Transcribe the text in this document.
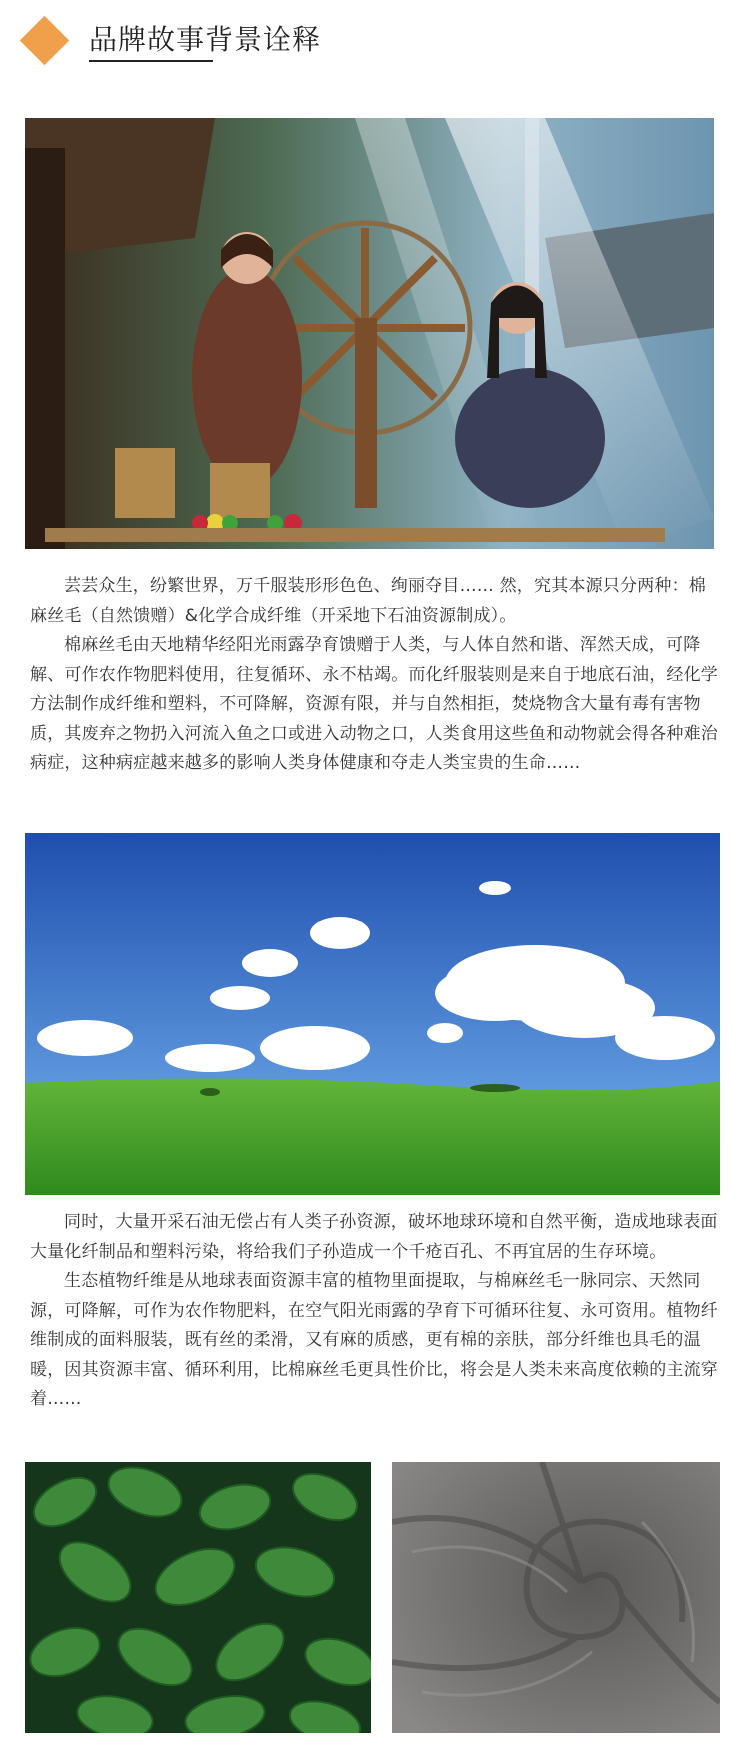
品牌故事背景诠释

芸芸众生，纷繁世界，万千服装形形色色、绚丽夺目…… 然，究其本源只分两种：棉麻丝毛（自然馈赠）&化学合成纤维（开采地下石油资源制成）。

棉麻丝毛由天地精华经阳光雨露孕育馈赠于人类，与人体自然和谐、浑然天成，可降解、可作农作物肥料使用，往复循环、永不枯竭。而化纤服装则是来自于地底石油，经化学方法制作成纤维和塑料，不可降解，资源有限，并与自然相拒，焚烧物含大量有毒有害物质，其废弃之物扔入河流入鱼之口或进入动物之口，人类食用这些鱼和动物就会得各种难治病症，这种病症越来越多的影响人类身体健康和夺走人类宝贵的生命……

同时，大量开采石油无偿占有人类子孙资源，破坏地球环境和自然平衡，造成地球表面大量化纤制品和塑料污染，将给我们子孙造成一个千疮百孔、不再宜居的生存环境。

生态植物纤维是从地球表面资源丰富的植物里面提取，与棉麻丝毛一脉同宗、天然同源，可降解，可作为农作物肥料，在空气阳光雨露的孕育下可循环往复、永可资用。植物纤维制成的面料服装，既有丝的柔滑，又有麻的质感，更有棉的亲肤，部分纤维也具毛的温暖，因其资源丰富、循环利用，比棉麻丝毛更具性价比，将会是人类未来高度依赖的主流穿着……
